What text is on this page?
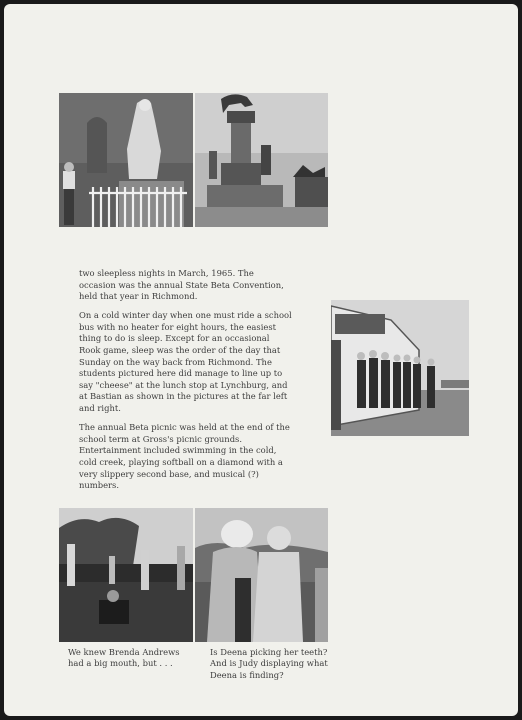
two sleepless nights in March, 1965. The occasion was the annual State Beta Convention, held that year in Richmond.

On a cold winter day when one must ride a school bus with no heater for eight hours, the easiest thing to do is sleep. Except for an occasional Rook game, sleep was the order of the day that Sunday on the way back from Richmond. The students pictured here did manage to line up to say "cheese" at the lunch stop at Lynchburg, and at Bastian as shown in the pictures at the far left and right.

The annual Beta picnic was held at the end of the school term at Gross's picnic grounds. Entertainment included swimming in the cold, cold creek, playing softball on a diamond with a very slippery second base, and musical (?) numbers.

We knew Brenda Andrews had a big mouth, but . . .
Is Deena picking her teeth? And is Judy displaying what Deena is finding?
